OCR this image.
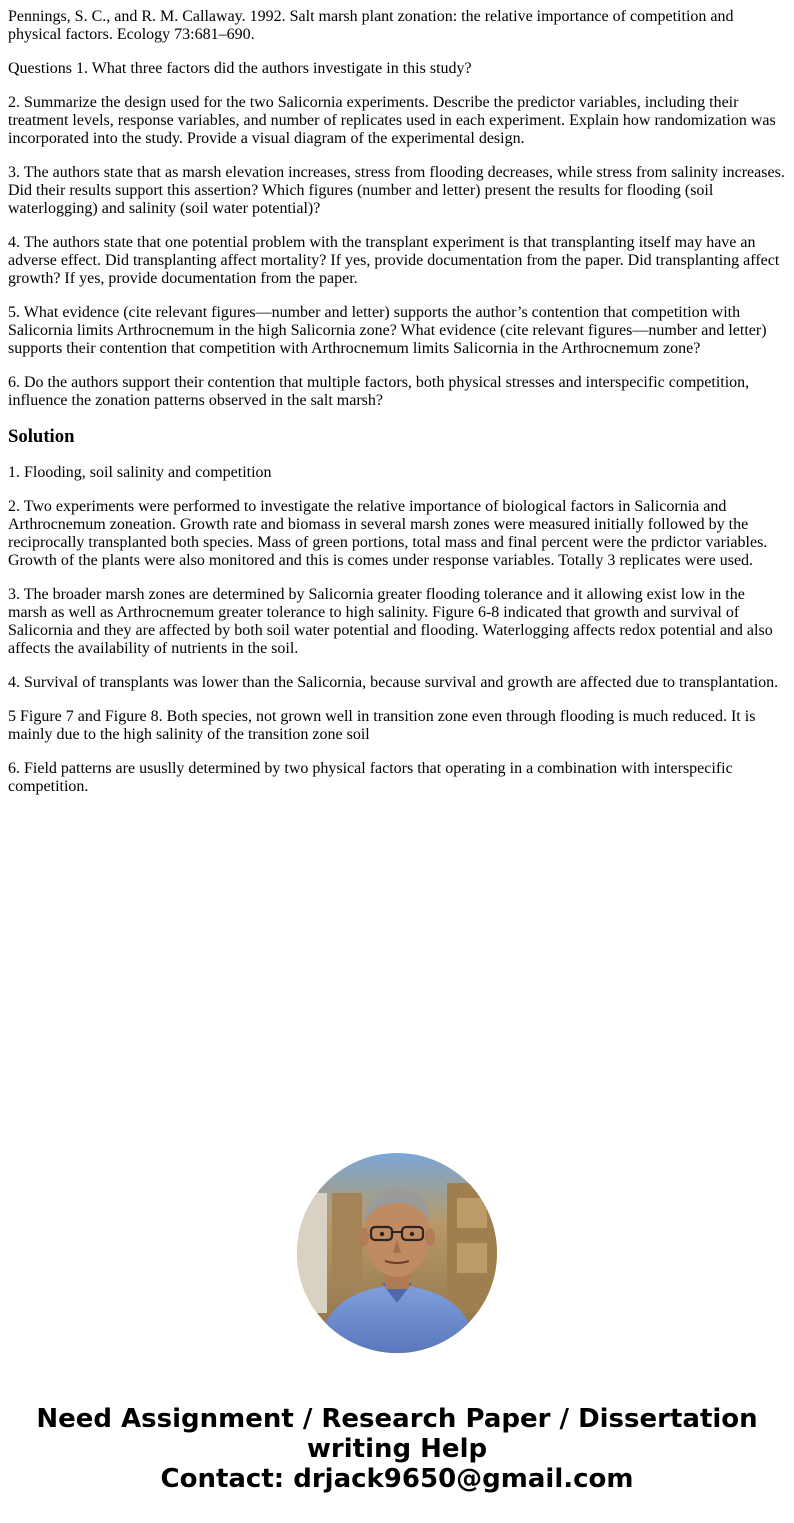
Pennings, S. C., and R. M. Callaway. 1992. Salt marsh plant zonation: the relative importance of competition and physical factors. Ecology 73:681–690.

Questions 1. What three factors did the authors investigate in this study?

2. Summarize the design used for the two Salicornia experiments. Describe the predictor variables, including their treatment levels, response variables, and number of replicates used in each experiment. Explain how randomization was incorporated into the study. Provide a visual diagram of the experimental design.

3. The authors state that as marsh elevation increases, stress from flooding decreases, while stress from salinity increases. Did their results support this assertion? Which figures (number and letter) present the results for flooding (soil waterlogging) and salinity (soil water potential)?

4. The authors state that one potential problem with the transplant experiment is that transplanting itself may have an adverse effect. Did transplanting affect mortality? If yes, provide documentation from the paper. Did transplanting affect growth? If yes, provide documentation from the paper.

5. What evidence (cite relevant figures—number and letter) supports the author’s contention that competition with Salicornia limits Arthrocnemum in the high Salicornia zone? What evidence (cite relevant figures—number and letter) supports their contention that competition with Arthrocnemum limits Salicornia in the Arthrocnemum zone?

6. Do the authors support their contention that multiple factors, both physical stresses and interspecific competition, influence the zonation patterns observed in the salt marsh?

Solution

1. Flooding, soil salinity and competition

2. Two experiments were performed to investigate the relative importance of biological factors in Salicornia and Arthrocnemum zoneation. Growth rate and biomass in several marsh zones were measured initially followed by the reciprocally transplanted both species. Mass of green portions, total mass and final percent were the prdictor variables. Growth of the plants were also monitored and this is comes under response variables. Totally 3 replicates were used.

3. The broader marsh zones are determined by Salicornia greater flooding tolerance and it allowing exist low in the marsh as well as Arthrocnemum greater tolerance to high salinity. Figure 6-8 indicated that growth and survival of Salicornia and they are affected by both soil water potential and flooding. Waterlogging affects redox potential and also affects the availability of nutrients in the soil.

4. Survival of transplants was lower than the Salicornia, because survival and growth are affected due to transplantation.

5 Figure 7 and Figure 8. Both species, not grown well in transition zone even through flooding is much reduced. It is mainly due to the high salinity of the transition zone soil

6. Field patterns are ususlly determined by two physical factors that operating in a combination with interspecific competition.

Need Assignment / Research Paper / Dissertation
writing Help
Contact: drjack9650@gmail.com
